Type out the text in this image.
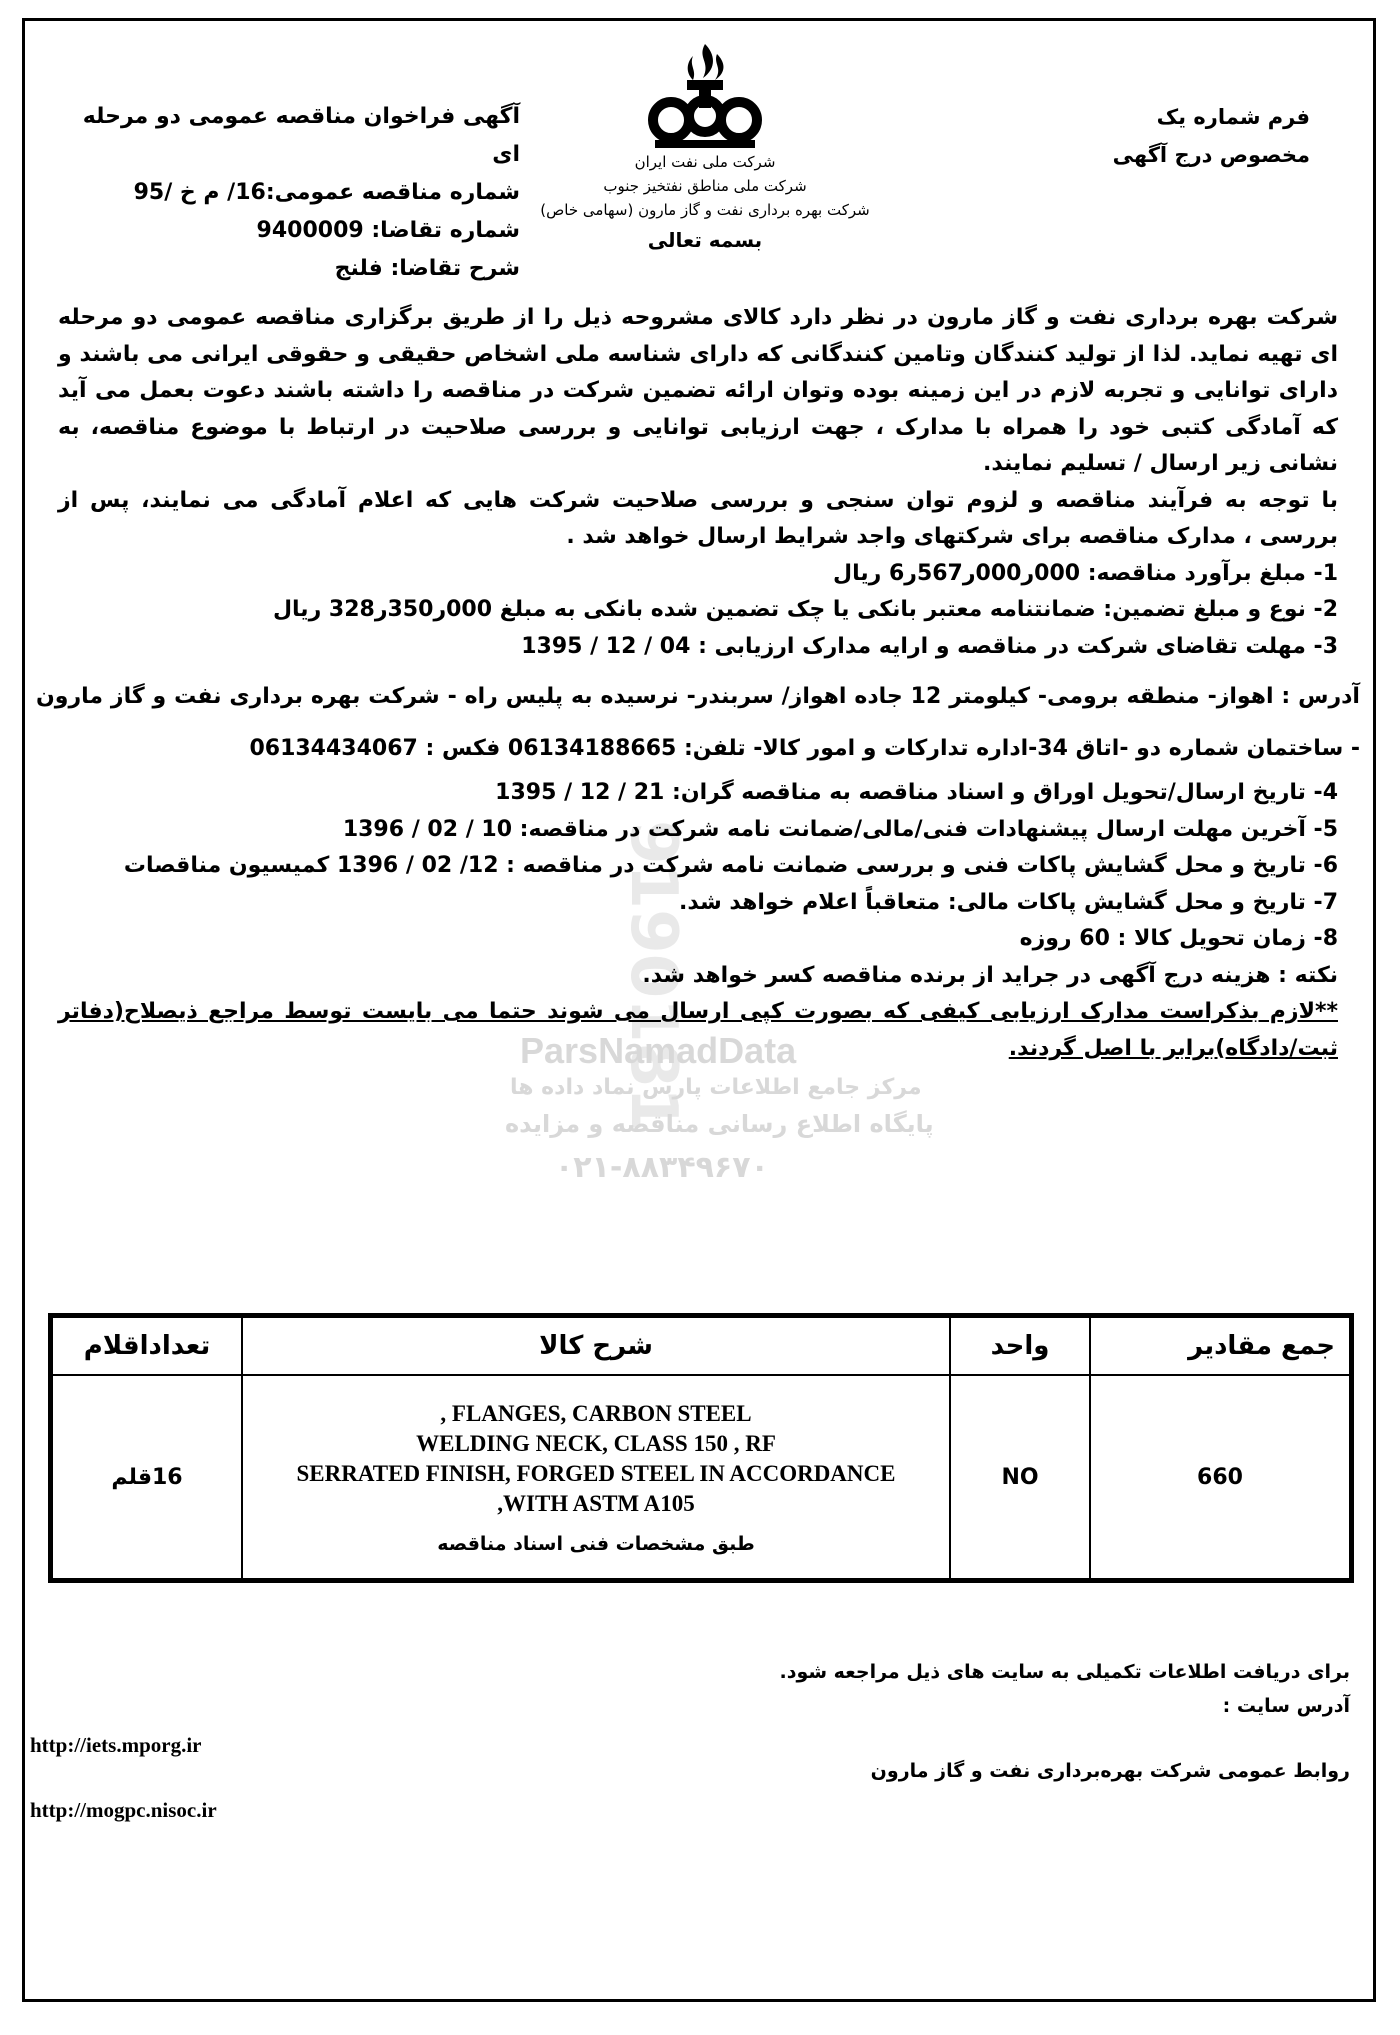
9190181
ParsNamadData
مرکز جامع اطلاعات پارس نماد داده ها
پایگاه اطلاع رسانی مناقصه و مزایده
۰۲۱-۸۸۳۴۹۶۷۰
فرم شماره یک
مخصوص درج آگهی
شرکت ملی نفت ایران
شرکت ملی مناطق نفتخیز جنوب
شرکت بهره برداری نفت و گاز مارون (سهامی خاص)
بسمه تعالی
آگهی فراخوان مناقصه عمومی دو مرحله ای
شماره مناقصه عمومی:16/ م خ /95
شماره تقاضا: 9400009
شرح تقاضا: فلنج

شرکت بهره برداری نفت و گاز مارون در نظر دارد کالای مشروحه ذیل را از طریق برگزاری مناقصه عمومی دو مرحله ای تهیه نماید. لذا از تولید کنندگان وتامین کنندگانی که دارای شناسه ملی اشخاص حقیقی و حقوقی ایرانی می باشند و دارای توانایی و تجربه لازم در این زمینه بوده وتوان ارائه تضمین شرکت در مناقصه را داشته باشند دعوت بعمل می آید که آمادگی کتبی خود را همراه با مدارک ، جهت ارزیابی توانایی و بررسی صلاحیت در ارتباط با موضوع مناقصه، به نشانی زیر ارسال / تسلیم نمایند.

با توجه به فرآیند مناقصه و لزوم توان سنجی و بررسی صلاحیت شرکت هایی که اعلام آمادگی می نمایند، پس از بررسی ، مدارک مناقصه برای شرکتهای واجد شرایط ارسال خواهد شد .

1- مبلغ برآورد مناقصه: 000ر000ر567ر6 ریال

2- نوع و مبلغ تضمین: ضمانتنامه معتبر بانکی یا چک تضمین شده بانکی به مبلغ 000ر350ر328 ریال

3- مهلت تقاضای شرکت در مناقصه و ارایه مدارک ارزیابی : 04 / 12 / 1395

آدرس : اهواز- منطقه برومی- کیلومتر 12 جاده اهواز/ سربندر- نرسیده به پلیس راه - شرکت بهره برداری نفت و گاز مارون - ساختمان شماره دو -اتاق 34-اداره تدارکات و امور کالا- تلفن: 06134188665 فکس : 06134434067

4- تاریخ ارسال/تحویل اوراق و اسناد مناقصه به مناقصه گران: 21 / 12 / 1395

5- آخرین مهلت ارسال پیشنهادات فنی/مالی/ضمانت نامه شرکت در مناقصه: 10 / 02 / 1396

6- تاریخ و محل گشایش پاکات فنی و بررسی ضمانت نامه شرکت در مناقصه : 12/ 02 / 1396 کمیسیون مناقصات

7- تاریخ و محل گشایش پاکات مالی: متعاقباً اعلام خواهد شد.

8- زمان تحویل کالا : 60 روزه

نکته : هزینه درج آگهی در جراید از برنده مناقصه کسر خواهد شد.

**لازم بذکراست مدارک ارزیابی کیفی که بصورت کپی ارسال می شوند حتما می بایست توسط مراجع ذیصلاح(دفاتر ثبت/دادگاه)برابر با اصل گردند.

جمع مقادیر	واحد	شرح کالا	تعداداقلام
660	NO	, FLANGES, CARBON STEEL
WELDING NECK, CLASS 150 , RF
SERRATED FINISH, FORGED STEEL IN ACCORDANCE
,WITH ASTM A105
طبق مشخصات فنی اسناد مناقصه	16قلم
برای دریافت اطلاعات تکمیلی به سایت های ذیل مراجعه شود.
آدرس سایت :
روابط عمومی شرکت بهره‌برداری نفت و گاز مارون
http://iets.mporg.ir
http://mogpc.nisoc.ir
